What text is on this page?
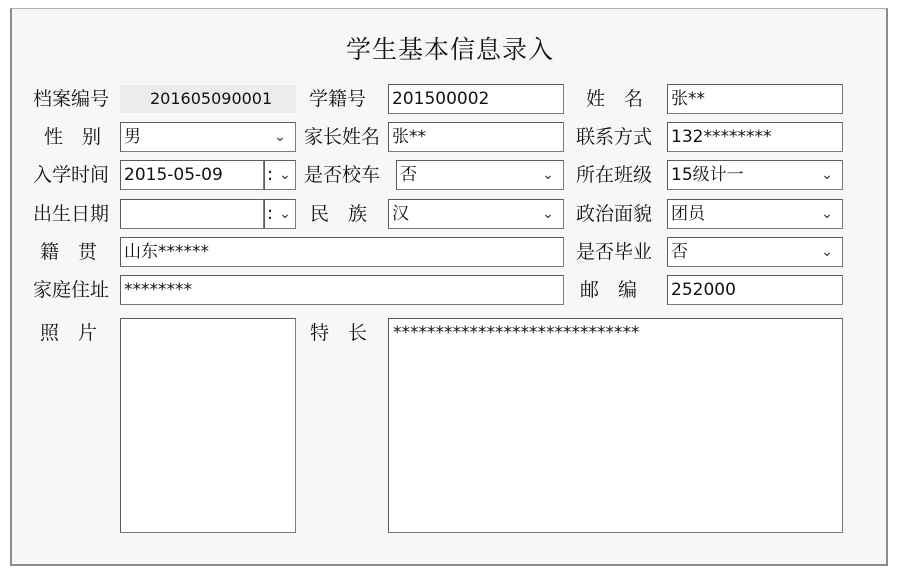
学生基本信息录入
档案编号	201605090001	学籍号 201500002	姓　名 张**
性　别 男	⌄ 家长姓名 张**	联系方式 132********
入学时间 2015-05-09	: ⌄ 是否校车 否	⌄ 所在班级 15级计一	⌄
出生日期	: ⌄ 民　族 汉	⌄ 政治面貌 团员	⌄
籍　贯 山东******	是否毕业 否	⌄
家庭住址 ********	邮　编 252000
照　片	特　长 *****************************
